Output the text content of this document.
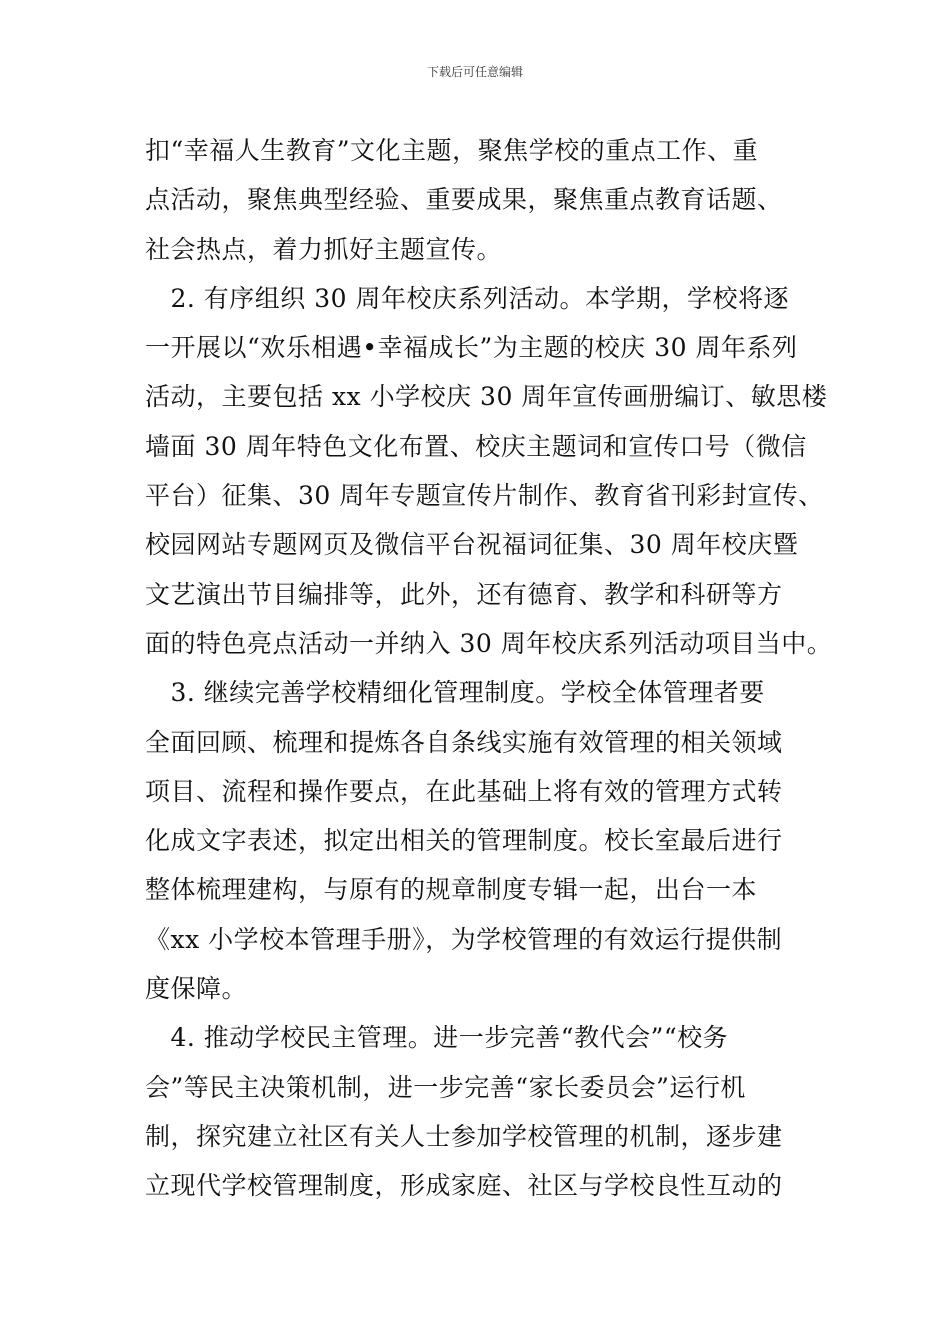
下载后可任意编辑
扣“幸福人生教育”文化主题，聚焦学校的重点工作、重
点活动，聚焦典型经验、重要成果，聚焦重点教育话题、
社会热点，着力抓好主题宣传。
　2. 有序组织 30 周年校庆系列活动。本学期，学校将逐
一开展以“欢乐相遇•幸福成长”为主题的校庆 30 周年系列
活动，主要包括 xx 小学校庆 30 周年宣传画册编订、敏思楼
墙面 30 周年特色文化布置、校庆主题词和宣传口号（微信
平台）征集、30 周年专题宣传片制作、教育省刊彩封宣传、
校园网站专题网页及微信平台祝福词征集、30 周年校庆暨
文艺演出节目编排等，此外，还有德育、教学和科研等方
面的特色亮点活动一并纳入 30 周年校庆系列活动项目当中。
　3. 继续完善学校精细化管理制度。学校全体管理者要
全面回顾、梳理和提炼各自条线实施有效管理的相关领域
项目、流程和操作要点，在此基础上将有效的管理方式转
化成文字表述，拟定出相关的管理制度。校长室最后进行
整体梳理建构，与原有的规章制度专辑一起，出台一本
《xx 小学校本管理手册》，为学校管理的有效运行提供制
度保障。
　4. 推动学校民主管理。进一步完善“教代会”“校务
会”等民主决策机制，进一步完善“家长委员会”运行机
制，探究建立社区有关人士参加学校管理的机制，逐步建
立现代学校管理制度，形成家庭、社区与学校良性互动的
